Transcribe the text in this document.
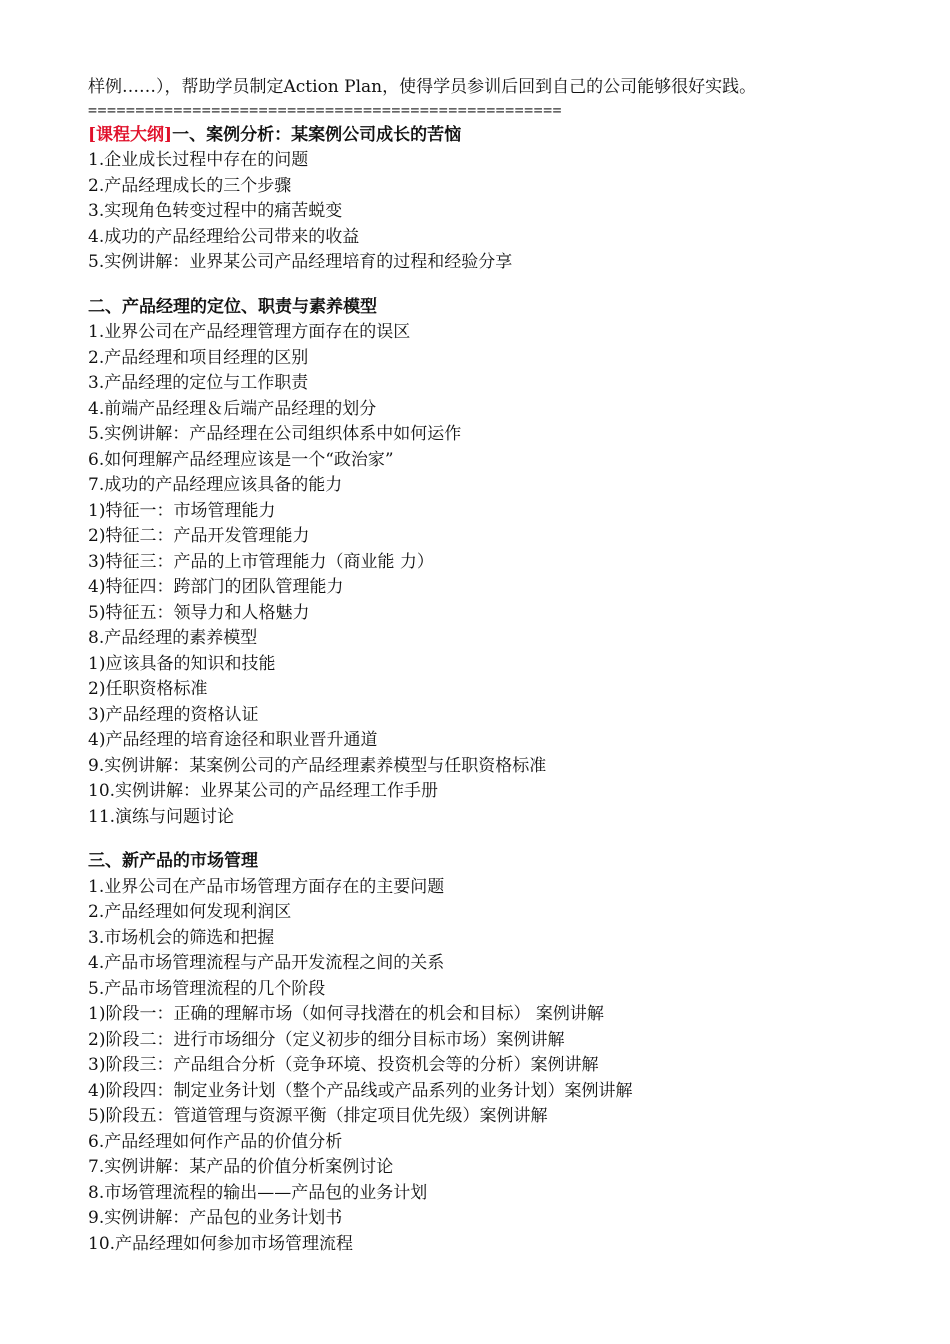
样例……），帮助学员制定Action Plan，使得学员参训后回到自己的公司能够很好实践。
==================================================
[课程大纲]一、案例分析：某案例公司成长的苦恼
1.企业成长过程中存在的问题
2.产品经理成长的三个步骤
3.实现角色转变过程中的痛苦蜕变
4.成功的产品经理给公司带来的收益
5.实例讲解：业界某公司产品经理培育的过程和经验分享
二、产品经理的定位、职责与素养模型
1.业界公司在产品经理管理方面存在的误区
2.产品经理和项目经理的区别
3.产品经理的定位与工作职责
4.前端产品经理＆后端产品经理的划分
5.实例讲解：产品经理在公司组织体系中如何运作
6.如何理解产品经理应该是一个“政治家”
7.成功的产品经理应该具备的能力
1)特征一：市场管理能力
2)特征二：产品开发管理能力
3)特征三：产品的上市管理能力（商业能 力）
4)特征四：跨部门的团队管理能力
5)特征五：领导力和人格魅力
8.产品经理的素养模型
1)应该具备的知识和技能
2)任职资格标准
3)产品经理的资格认证
4)产品经理的培育途径和职业晋升通道
9.实例讲解：某案例公司的产品经理素养模型与任职资格标准
10.实例讲解：业界某公司的产品经理工作手册
11.演练与问题讨论
三、新产品的市场管理
1.业界公司在产品市场管理方面存在的主要问题
2.产品经理如何发现利润区
3.市场机会的筛选和把握
4.产品市场管理流程与产品开发流程之间的关系
5.产品市场管理流程的几个阶段
1)阶段一：正确的理解市场（如何寻找潜在的机会和目标） 案例讲解
2)阶段二：进行市场细分（定义初步的细分目标市场）案例讲解
3)阶段三：产品组合分析（竞争环境、投资机会等的分析）案例讲解
4)阶段四：制定业务计划（整个产品线或产品系列的业务计划）案例讲解
5)阶段五：管道管理与资源平衡（排定项目优先级）案例讲解
6.产品经理如何作产品的价值分析
7.实例讲解：某产品的价值分析案例讨论
8.市场管理流程的输出——产品包的业务计划
9.实例讲解：产品包的业务计划书
10.产品经理如何参加市场管理流程
